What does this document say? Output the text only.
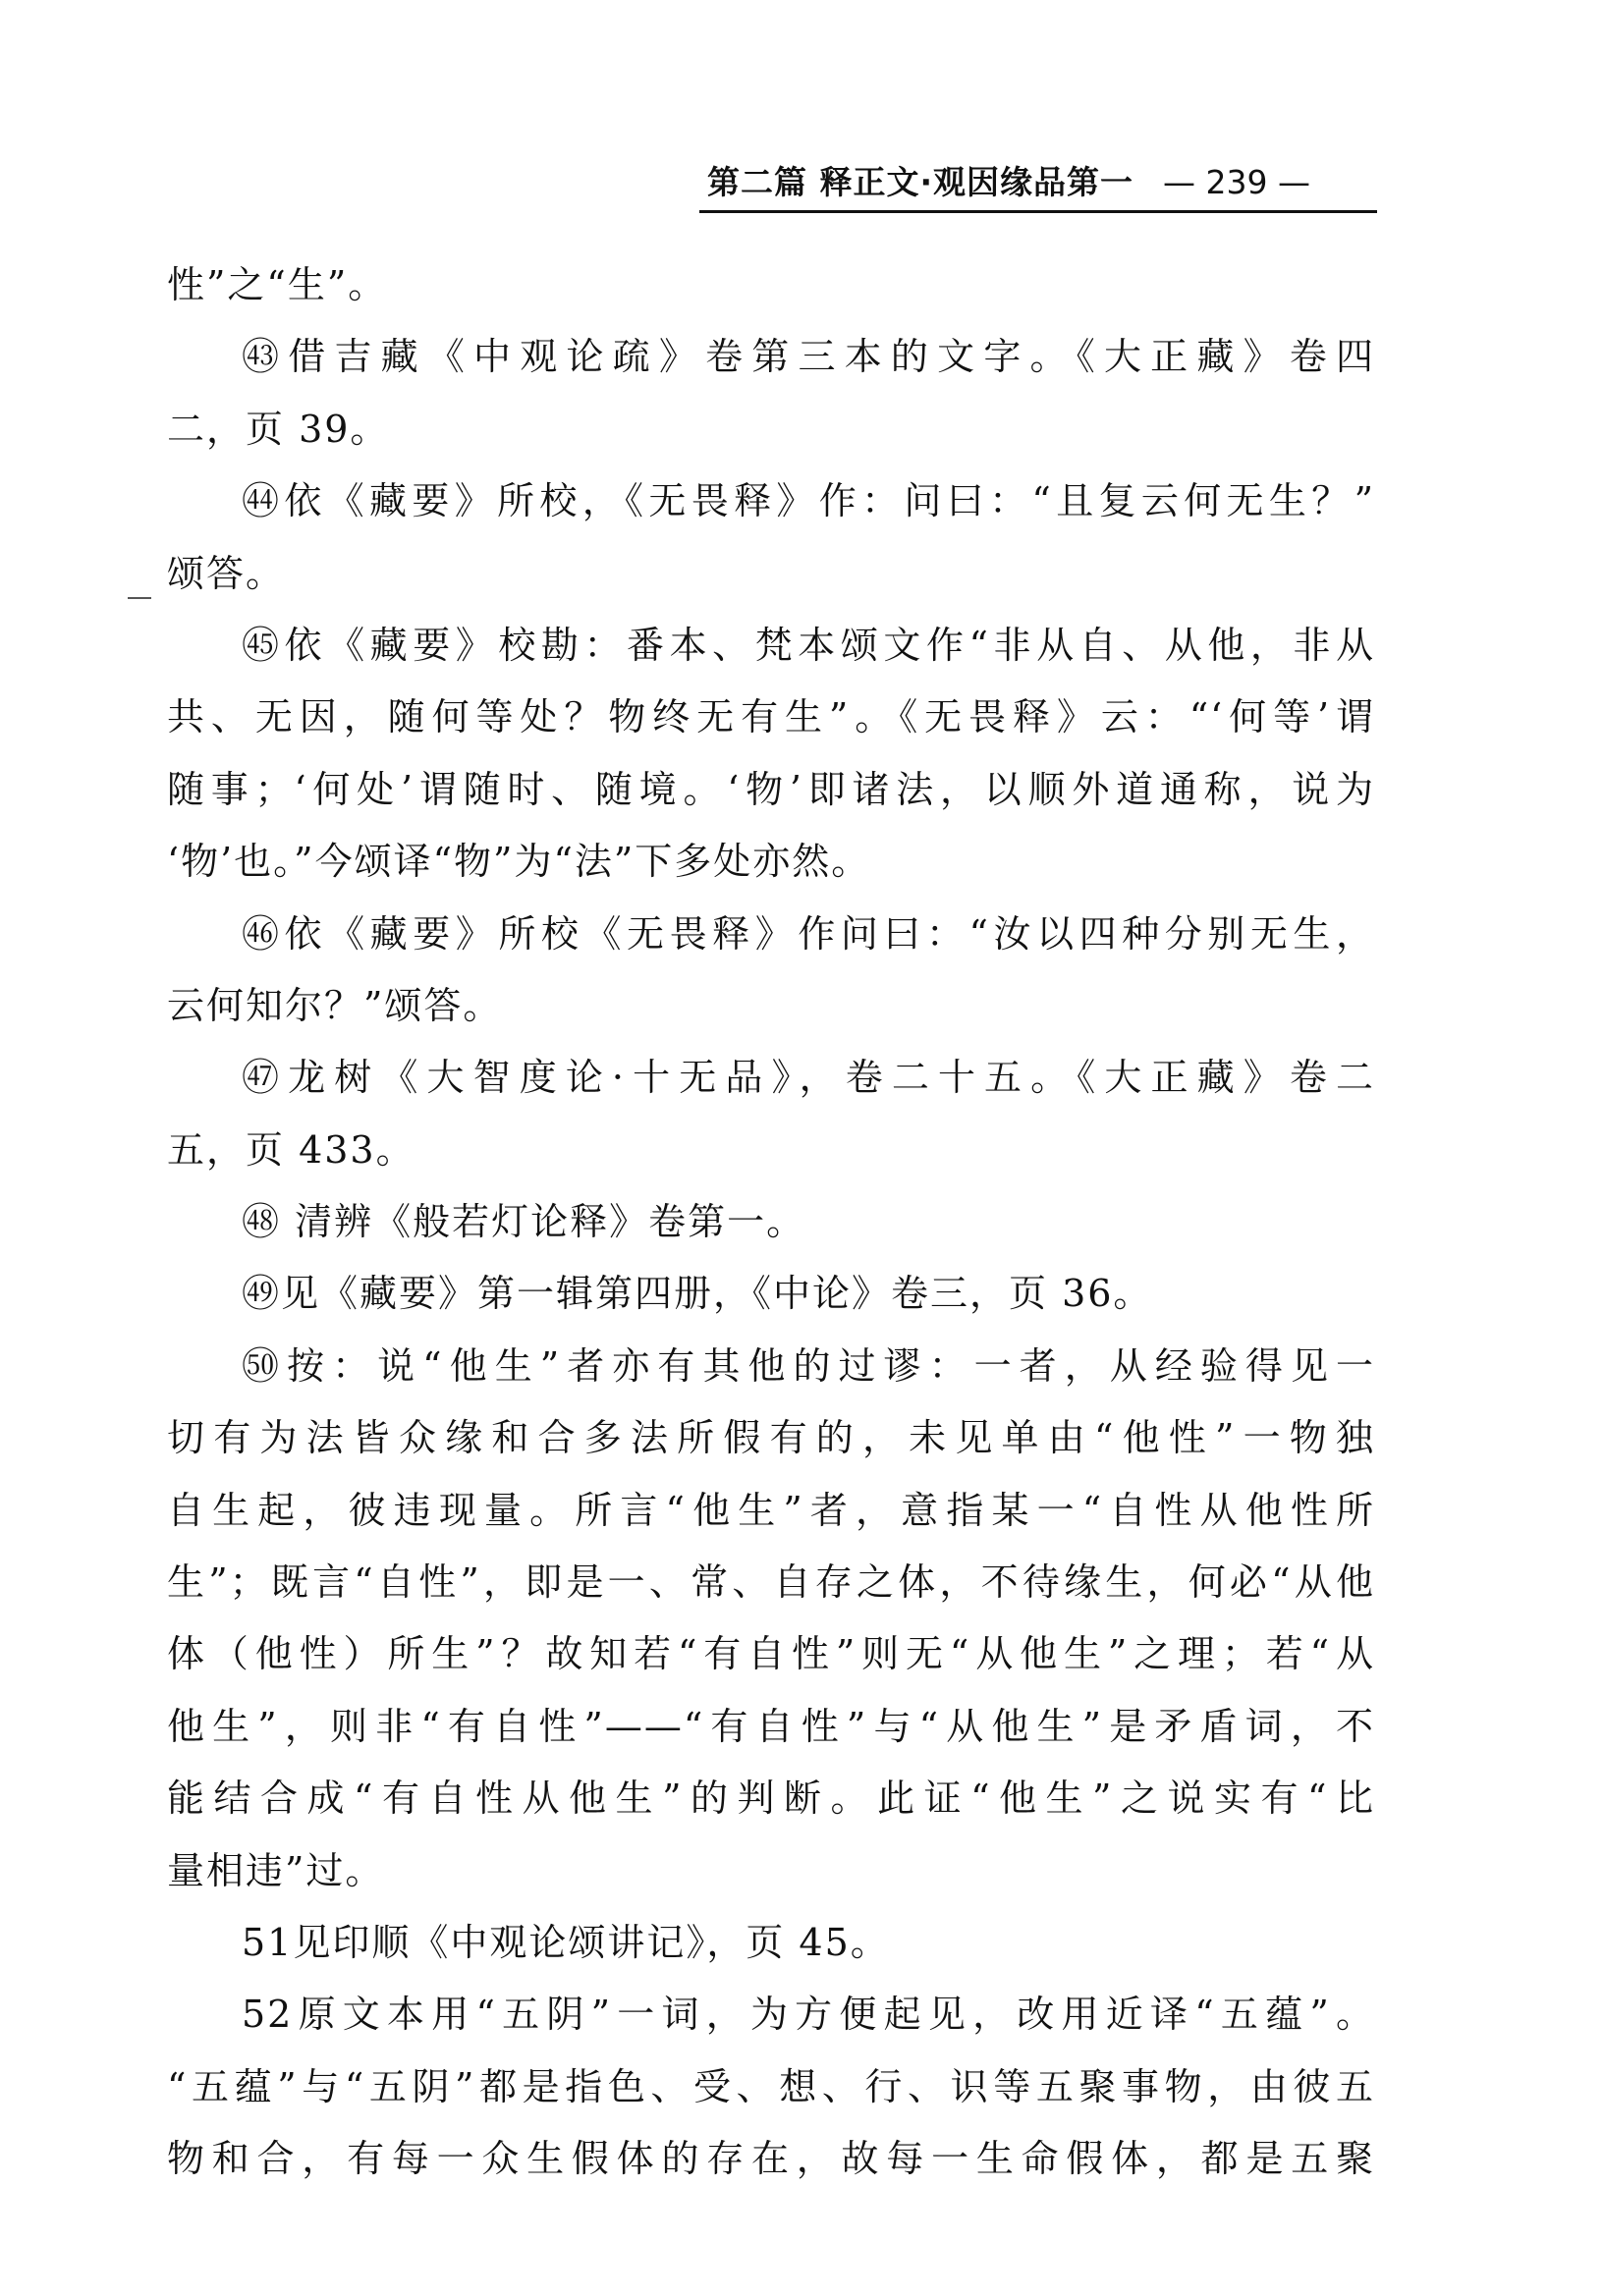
第二篇 释正文·观因缘品第一 — 239 —
性”之“生”。
㊸借吉藏《中观论疏》卷第三本的文字。《大正藏》卷四
二，页 39。
㊹依《藏要》所校，《无畏释》作：问曰：“且复云何无生？”
颂答。
㊺依《藏要》校勘：番本、梵本颂文作“非从自、从他，非从
共、无因，随何等处？物终无有生”。《无畏释》云：“‘何等’谓
随事；‘何处’谓随时、随境。‘物’即诸法，以顺外道通称，说为
‘物’也。”今颂译“物”为“法”下多处亦然。
㊻依《藏要》所校《无畏释》作问曰：“汝以四种分别无生，
云何知尔？”颂答。
㊼龙树《大智度论·十无品》，卷二十五。《大正藏》卷二
五，页 433。
㊽ 清辨《般若灯论释》卷第一。
㊾见《藏要》第一辑第四册，《中论》卷三，页 36。
㊿按：说“他生”者亦有其他的过谬：一者，从经验得见一
切有为法皆众缘和合多法所假有的，未见单由“他性”一物独
自生起，彼违现量。所言“他生”者，意指某一“自性从他性所
生”；既言“自性”，即是一、常、自存之体，不待缘生，何必“从他
体（他性）所生”？故知若“有自性”则无“从他生”之理；若“从
他生”，则非“有自性”——“有自性”与“从他生”是矛盾词，不
能结合成“有自性从他生”的判断。此证“他生”之说实有“比
量相违”过。
51见印顺《中观论颂讲记》，页 45。
52原文本用“五阴”一词，为方便起见，改用近译“五蕴”。
“五蕴”与“五阴”都是指色、受、想、行、识等五聚事物，由彼五
物和合，有每一众生假体的存在，故每一生命假体，都是五聚
